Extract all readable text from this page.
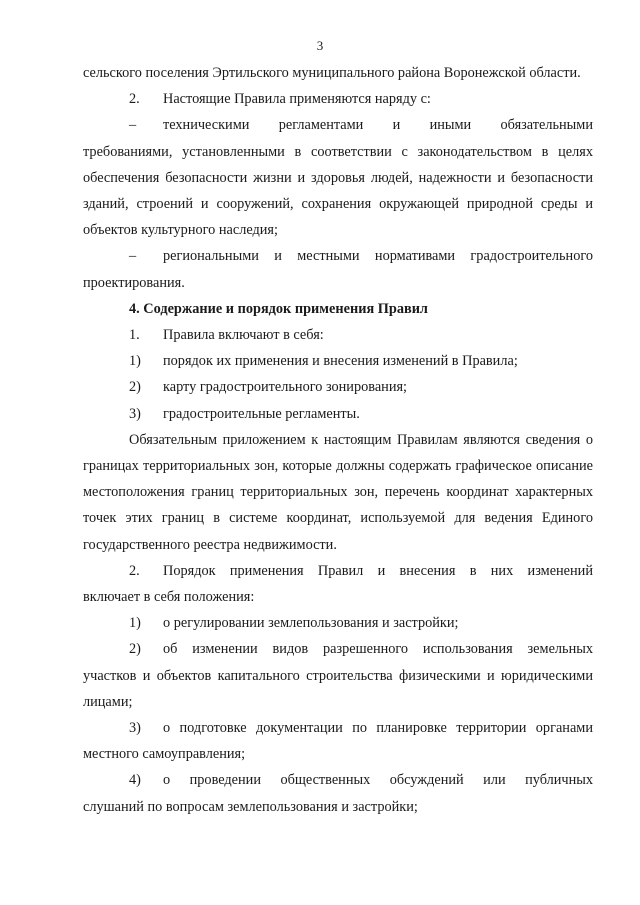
3

сельского поселения Эртильского муниципального района Воронежской области.

2.	Настоящие Правила применяются наряду с:
–	техническими регламентами и иными обязательными

требованиями, установленными в соответствии с законодательством в целях обеспечения безопасности жизни и здоровья людей, надежности и безопасности зданий, строений и сооружений, сохранения окружающей природной среды и объектов культурного наследия;

–	региональными и местными нормативами градостроительного

проектирования.

4. Содержание и порядок применения Правил

1.	Правила включают в себя:
1)	порядок их применения и внесения изменений в Правила;
2)	карту градостроительного зонирования;
3)	градостроительные регламенты.

Обязательным приложением к настоящим Правилам являются сведения о границах территориальных зон, которые должны содержать графическое описание местоположения границ территориальных зон, перечень координат характерных точек этих границ в системе координат, используемой для ведения Единого государственного реестра недвижимости.

2.	Порядок применения Правил и внесения в них изменений

включает в себя положения:

1)	о регулировании землепользования и застройки;
2)	об изменении видов разрешенного использования земельных

участков и объектов капитального строительства физическими и юридическими лицами;

3)	о подготовке документации по планировке территории органами

местного самоуправления;

4)	о проведении общественных обсуждений или публичных

слушаний по вопросам землепользования и застройки;
